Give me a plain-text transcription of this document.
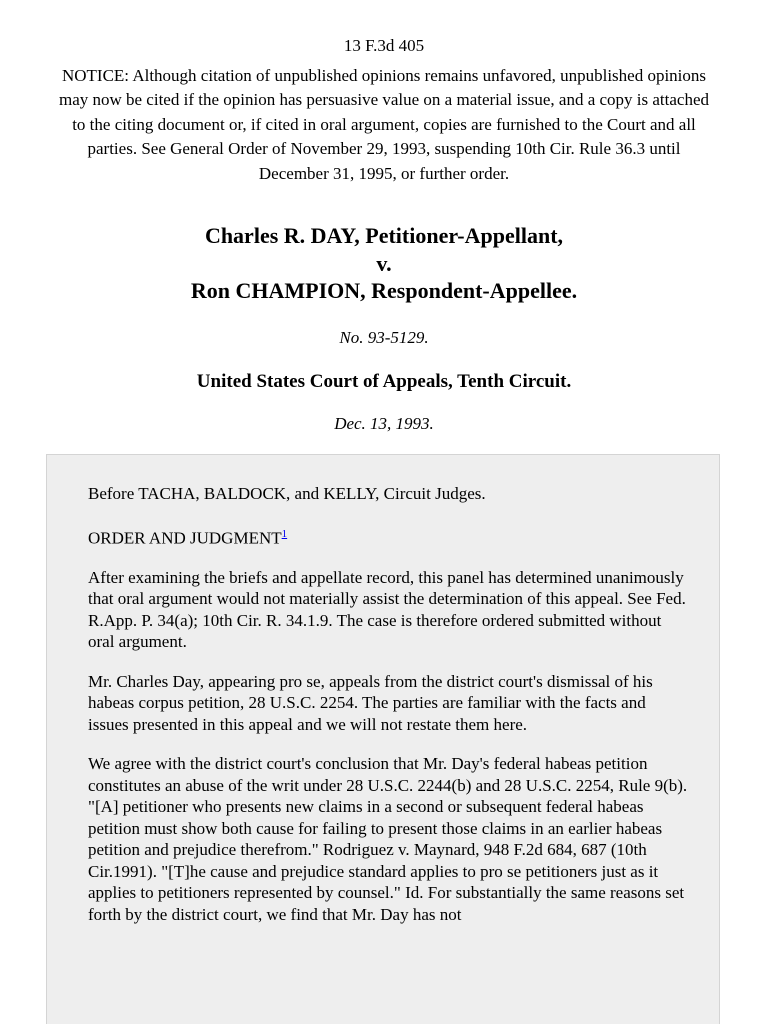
13 F.3d 405
NOTICE: Although citation of unpublished opinions remains unfavored, unpublished opinions may now be cited if the opinion has persuasive value on a material issue, and a copy is attached to the citing document or, if cited in oral argument, copies are furnished to the Court and all parties. See General Order of November 29, 1993, suspending 10th Cir. Rule 36.3 until December 31, 1995, or further order.
Charles R. DAY, Petitioner-Appellant,
v.
Ron CHAMPION, Respondent-Appellee.
No. 93-5129.
United States Court of Appeals, Tenth Circuit.
Dec. 13, 1993.

Before TACHA, BALDOCK, and KELLY, Circuit Judges.

ORDER AND JUDGMENT$^1$

After examining the briefs and appellate record, this panel has determined unanimously that oral argument would not materially assist the determination of this appeal. See Fed. R.App. P. 34(a); 10th Cir. R. 34.1.9. The case is therefore ordered submitted without oral argument.

Mr. Charles Day, appearing pro se, appeals from the district court's dismissal of his habeas corpus petition, 28 U.S.C. 2254. The parties are familiar with the facts and issues presented in this appeal and we will not restate them here.

We agree with the district court's conclusion that Mr. Day's federal habeas petition constitutes an abuse of the writ under 28 U.S.C. 2244(b) and 28 U.S.C. 2254, Rule 9(b). "[A] petitioner who presents new claims in a second or subsequent federal habeas petition must show both cause for failing to present those claims in an earlier habeas petition and prejudice therefrom." Rodriguez v. Maynard, 948 F.2d 684, 687 (10th Cir.1991). "[T]he cause and prejudice standard applies to pro se petitioners just as it applies to petitioners represented by counsel." Id. For substantially the same reasons set forth by the district court, we find that Mr. Day has not
